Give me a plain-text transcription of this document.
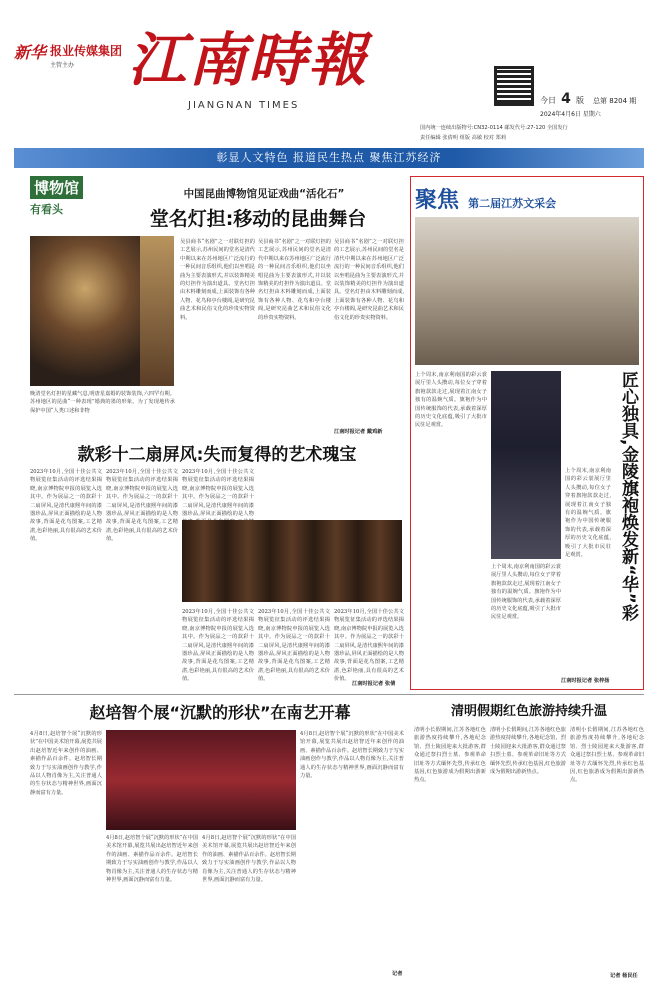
新华 报业传媒集团
主管主办 江南時報
JIANGNAN TIMES	今日 4 版 总第 8204 期
2024年4月6日 星期六
国内统一连续出版物号:CN32-0114 邮发代号:27-120 全国发行
责任编辑 张倩明 组版 高敏 校对 郑莉
彰显人文特色 报道民生热点 聚焦江苏经济
博物馆
有看头
中国昆曲博物馆见证戏曲“活化石”
堂名灯担:移动的昆曲舞台
晚清堂名灯担的星藏气息,明唐星嘉婚的装饰装饰,六四罕有期。苏州地区的昆曲“一种表现”婚典的墨的形象。为了发现地传承保护中国“人类口述和非物
吴县商书“名剧”之一对联灯担的工艺展示,苏州民间的堂名是清代中期以来在苏州地区广泛流行的一种民间音乐组织,他们以坐唱昆曲为主要表演形式,并以装饰精美的灯担作为演出道具。堂名灯担由木料雕刻而成,上面装饰有各种人物、花鸟和亭台楼阁,是研究昆曲艺术和民俗文化的珍贵实物资料。
吴县商书“名剧”之一对联灯担的工艺展示,苏州民间的堂名是清代中期以来在苏州地区广泛流行的一种民间音乐组织,他们以坐唱昆曲为主要表演形式,并以装饰精美的灯担作为演出道具。堂名灯担由木料雕刻而成,上面装饰有各种人物、花鸟和亭台楼阁,是研究昆曲艺术和民俗文化的珍贵实物资料。
吴县商书“名剧”之一对联灯担的工艺展示,苏州民间的堂名是清代中期以来在苏州地区广泛流行的一种民间音乐组织,他们以坐唱昆曲为主要表演形式,并以装饰精美的灯担作为演出道具。堂名灯担由木料雕刻而成,上面装饰有各种人物、花鸟和亭台楼阁,是研究昆曲艺术和民俗文化的珍贵实物资料。
江南时报记者 戴鸡新
款彩十二扇屏风:失而复得的艺术瑰宝
2023年10月,全国十佳公共文物展览征集活动的评选结果揭晓,南京博物院申报的展览入选其中。作为展品之一的款彩十二扇屏风,是清代康熙年间的漆器珍品,屏风正面描绘的是人物故事,背面是花鸟图案,工艺精湛,色彩艳丽,具有很高的艺术价值。
2023年10月,全国十佳公共文物展览征集活动的评选结果揭晓,南京博物院申报的展览入选其中。作为展品之一的款彩十二扇屏风,是清代康熙年间的漆器珍品,屏风正面描绘的是人物故事,背面是花鸟图案,工艺精湛,色彩艳丽,具有很高的艺术价值。
2023年10月,全国十佳公共文物展览征集活动的评选结果揭晓,南京博物院申报的展览入选其中。作为展品之一的款彩十二扇屏风,是清代康熙年间的漆器珍品,屏风正面描绘的是人物
2023年10月,全国十佳公共文物展览征集活动的评选结果揭晓,南京博物院申报的展览入选其中。作为展品之一的款彩十二扇屏风,是清代康熙年间的漆器珍品,屏风正面描绘的是人物故事,背面是花鸟图案,工艺精湛,色彩艳丽,具有很高的艺术价值。
2023年10月,全国十佳公共文物展览征集活动的评选结果揭晓,南京博物院申报的展览入选其中。作为展品之一的款彩十二扇屏风,是清代康熙年间的漆器珍品,屏风正面描绘的是人物故事,背面是花鸟图案,工艺精湛,色彩艳丽,具有很高的艺术价值。
2023年10月,全国十佳公共文物展览征集活动的评选结果揭晓,南京博物院申报的展览入选其中。作为展品之一的款彩十二扇屏风,是清代康熙年间的漆器珍品,屏风正面描绘的是人物故事,背面是花鸟图案,工艺精湛,色彩艳丽,具有很高的艺术价值。
江南时报记者 张倩
赵培智个展“沉默的形状”在南艺开幕
4月8日,赵培智个展“沉默的形状”在中国美术馆开幕,展览共展出赵培智近年来创作的油画、素描作品百余件。赵培智长期致力于写实油画创作与教学,作品以人物肖像为主,关注普通人的生存状态与精神世界,画面沉静而富有力量。
4月8日,赵培智个展“沉默的形状”在中国美术馆开幕,展览共展出赵培智近年来创作的油画、素描作品百余件。赵培智长期致力于写实油画创作与教学,作品以人物肖像为主,关注普通人的生存状态与精神世界,画面沉静而富有力量。
4月8日,赵培智个展“沉默的形状”在中国美术馆开幕,展览共展出赵培智近年来创作的油画、素描作品百余件。赵培智长期致力于写实油画创作与教学,作品以人物肖像为主,关注普通人的生存状态与精神世界,画面沉静而富有力量。
4月8日,赵培智个展“沉默的形状”在中国美术馆开幕,展览共展出赵培智近年来创作的油画、素描作品百余件。赵培智长期致力于写实油画创作与教学,作品以人物肖像为主,关注普通人的生存状态与精神世界,画面沉静而富有力量。
记者
聚焦 第二届江苏文采会
上个周末,南京利南国的彩云裳展厅里人头攒动,每位女子穿着旗袍款款走过,展现着江南女子独有的温婉气质。旗袍作为中国传统服饰的代表,承载着深厚的历史文化底蕴,吸引了大批市民驻足观赏。
上个周末,南京利南国的彩云裳展厅里人头攒动,每位女子穿着旗袍款款走过,展现着江南女子独有的温婉气质。旗袍作为中国传统服饰的代表,承载着深厚的历史文化底蕴,吸引了大批市民驻足观赏。
上个周末,南京利南国的彩云裳展厅里人头攒动,每位女子穿着旗袍款款走过,展现着江南女子独有的温婉气质。旗袍作为中国传统服饰的代表,承载着深厚的历史文化底蕴,吸引了大批市民驻足观赏。	匠心独具,金陵旗袍焕发新“华”彩
江南时报记者 张梓扬
清明假期红色旅游持续升温
清明小长假期间,江苏各地红色旅游热度持续攀升,各地纪念馆、烈士陵园迎来大批游客,群众通过祭扫烈士墓、参观革命旧址等方式缅怀先烈,传承红色基因,红色旅游成为假期出游新热点。
清明小长假期间,江苏各地红色旅游热度持续攀升,各地纪念馆、烈士陵园迎来大批游客,群众通过祭扫烈士墓、参观革命旧址等方式缅怀先烈,传承红色基因,红色旅游成为假期出游新热点。
清明小长假期间,江苏各地红色旅游热度持续攀升,各地纪念馆、烈士陵园迎来大批游客,群众通过祭扫烈士墓、参观革命旧址等方式缅怀先烈,传承红色基因,红色旅游成为假期出游新热点。
记者 杨民任
